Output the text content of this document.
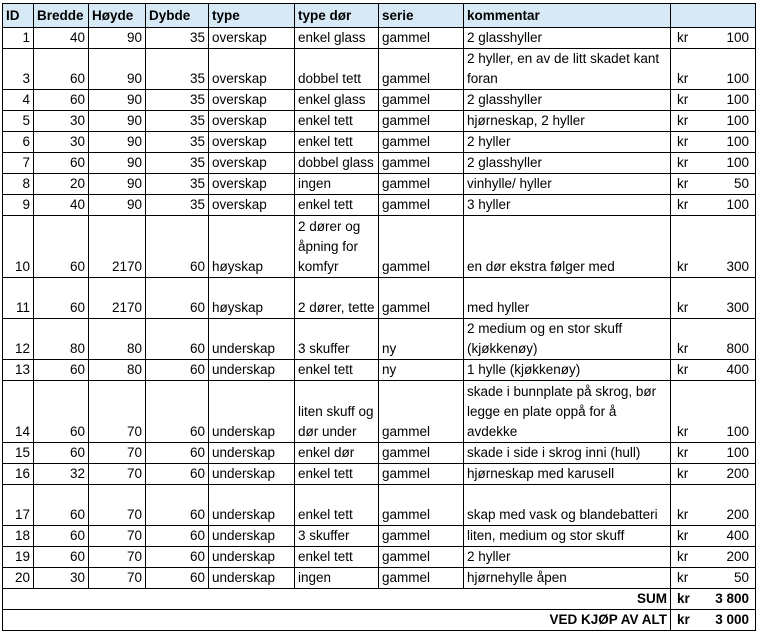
ID	Bredde	Høyde	Dybde	type	type dør	serie	kommentar		
1	40	90	35	overskap	enkel glass	gammel	2 glasshyller	kr	100
3	60	90	35	overskap	dobbel tett	gammel	2 hyller, en av de litt skadet kant foran	kr	100
4	60	90	35	overskap	enkel glass	gammel	2 glasshyller	kr	100
5	30	90	35	overskap	enkel tett	gammel	hjørneskap, 2 hyller	kr	100
6	30	90	35	overskap	enkel tett	gammel	2 hyller	kr	100
7	60	90	35	overskap	dobbel glass	gammel	2 glasshyller	kr	100
8	20	90	35	overskap	ingen	gammel	vinhylle/ hyller	kr	50
9	40	90	35	overskap	enkel tett	gammel	3 hyller	kr	100
10	60	2170	60	høyskap	2 dører og åpning for komfyr	gammel	en dør ekstra følger med	kr	300
11	60	2170	60	høyskap	2 dører, tette	gammel	med hyller	kr	300
12	80	80	60	underskap	3 skuffer	ny	2 medium og en stor skuff (kjøkkenøy)	kr	800
13	60	80	60	underskap	enkel tett	ny	1 hylle (kjøkkenøy)	kr	400
14	60	70	60	underskap	liten skuff og dør under	gammel	skade i bunnplate på skrog, bør legge en plate oppå for å avdekke	kr	100
15	60	70	60	underskap	enkel dør	gammel	skade i side i skrog inni (hull)	kr	100
16	32	70	60	underskap	enkel tett	gammel	hjørneskap med karusell	kr	200
17	60	70	60	underskap	enkel tett	gammel	skap med vask og blandebatteri	kr	200
18	60	70	60	underskap	3 skuffer	gammel	liten, medium og stor skuff	kr	400
19	60	70	60	underskap	enkel tett	gammel	2 hyller	kr	200
20	30	70	60	underskap	ingen	gammel	hjørnehylle åpen	kr	50
SUM								kr	3 800
VED KJØP AV ALT								kr	3 000
